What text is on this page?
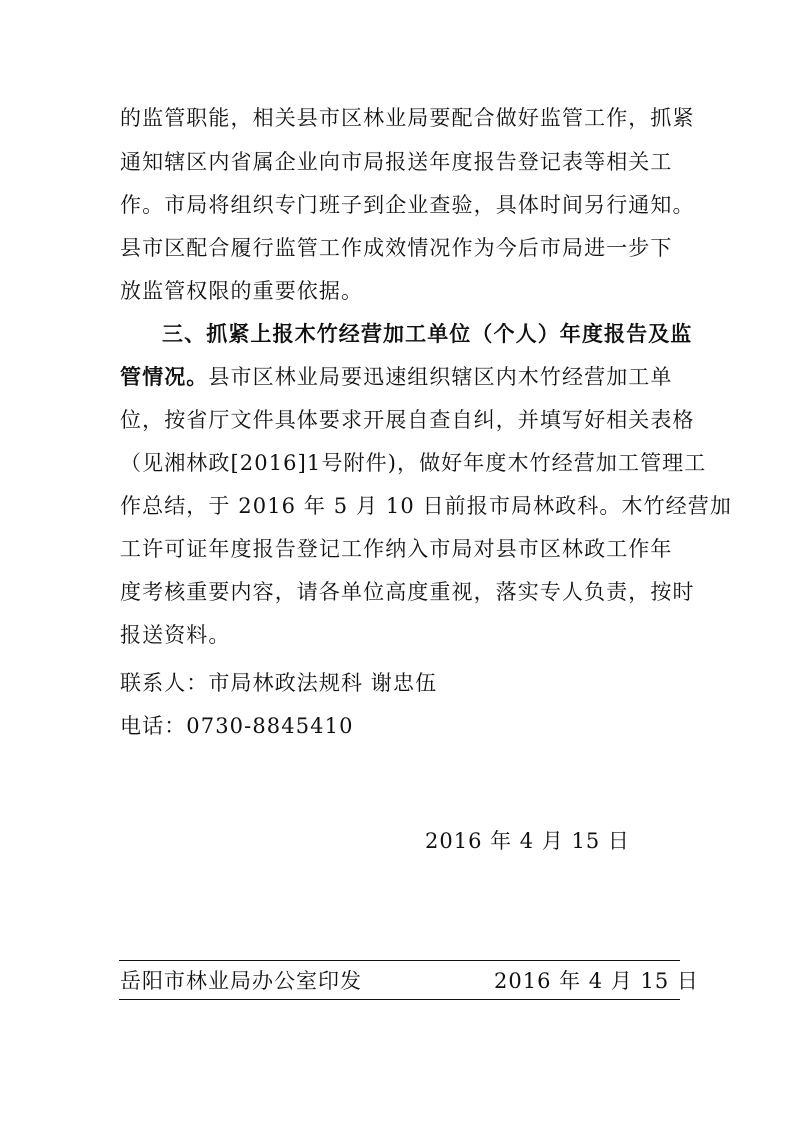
的监管职能，相关县市区林业局要配合做好监管工作，抓紧
通知辖区内省属企业向市局报送年度报告登记表等相关工
作。市局将组织专门班子到企业查验，具体时间另行通知。
县市区配合履行监管工作成效情况作为今后市局进一步下
放监管权限的重要依据。
三、抓紧上报木竹经营加工单位（个人）年度报告及监
管情况。县市区林业局要迅速组织辖区内木竹经营加工单
位，按省厅文件具体要求开展自查自纠，并填写好相关表格
（见湘林政[2016]1号附件)，做好年度木竹经营加工管理工
作总结，于 2016 年 5 月 10 日前报市局林政科。木竹经营加
工许可证年度报告登记工作纳入市局对县市区林政工作年
度考核重要内容，请各单位高度重视，落实专人负责，按时
报送资料。
联系人：市局林政法规科 谢忠伍
电话：0730-8845410
2016 年 4 月 15 日
岳阳市林业局办公室印发	2016 年 4 月 15 日
